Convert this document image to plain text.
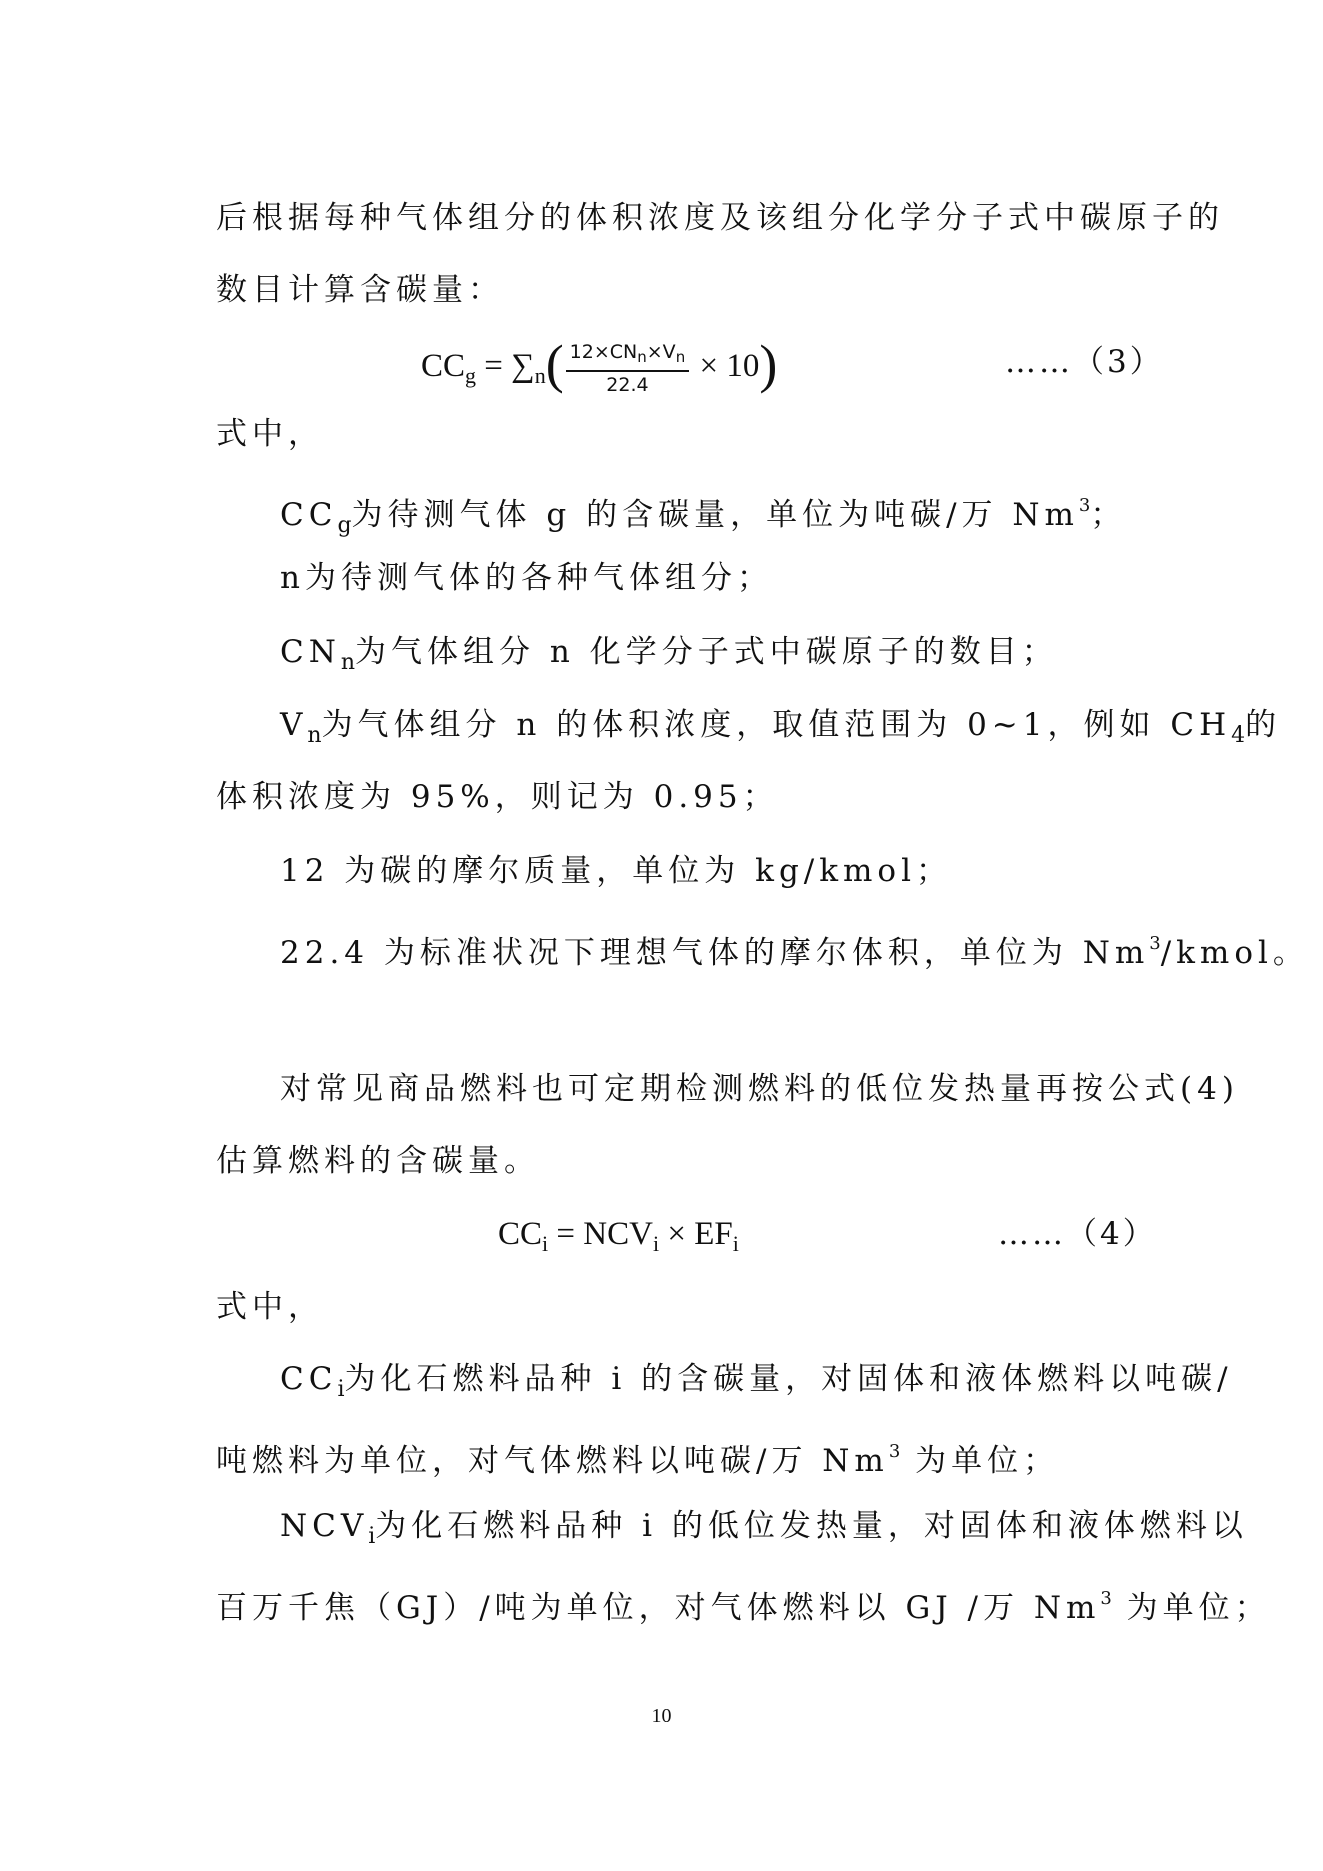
后根据每种气体组分的体积浓度及该组分化学分子式中碳原子的
数目计算含碳量：
$CC_g = \sum_n( \frac{12\times CN_n\times V_n}{22.4} \times 10)$	……（3）
式中，
$CC_g$为待测气体 g 的含碳量，单位为吨碳/万 Nm$^3$；
n为待测气体的各种气体组分；
$CN_n$为气体组分 n 化学分子式中碳原子的数目；
$V_n$为气体组分 n 的体积浓度，取值范围为 0~1，例如 $CH_4$的
体积浓度为 95%，则记为 0.95；
12 为碳的摩尔质量，单位为 kg/kmol；
22.4 为标准状况下理想气体的摩尔体积，单位为 Nm$^3$/kmol。
对常见商品燃料也可定期检测燃料的低位发热量再按公式(4)
估算燃料的含碳量。
$CC_i = NCV_i \times EF_i$	……（4）
式中，
$CC_i$为化石燃料品种 i 的含碳量，对固体和液体燃料以吨碳/
吨燃料为单位，对气体燃料以吨碳/万 Nm$^3$ 为单位；
$NCV_i$为化石燃料品种 i 的低位发热量，对固体和液体燃料以
百万千焦（GJ）/吨为单位，对气体燃料以 GJ /万 Nm$^3$ 为单位；
10
